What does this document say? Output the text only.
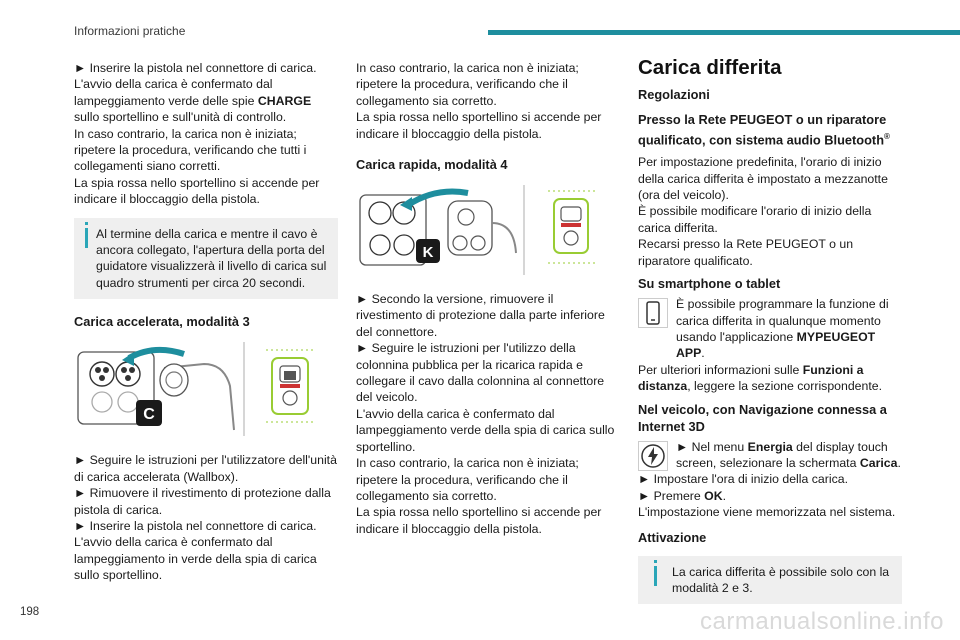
Informazioni pratiche

► Inserire la pistola nel connettore di carica. L'avvio della carica è confermato dal lampeggiamento verde delle spie CHARGE sullo sportellino e sull'unità di controllo.

In caso contrario, la carica non è iniziata; ripetere la procedura, verificando che tutti i collegamenti siano corretti.

La spia rossa nello sportellino si accende per indicare il bloccaggio della pistola.

Al termine della carica e mentre il cavo è ancora collegato, l'apertura della porta del guidatore visualizzerà il livello di carica sul quadro strumenti per circa 20 secondi.

Carica accelerata, modalità 3

C

► Seguire le istruzioni per l'utilizzatore dell'unità di carica accelerata (Wallbox).

► Rimuovere il rivestimento di protezione dalla pistola di carica.

► Inserire la pistola nel connettore di carica.

L'avvio della carica è confermato dal lampeggiamento in verde della spia di carica sullo sportellino.

In caso contrario, la carica non è iniziata; ripetere la procedura, verificando che il collegamento sia corretto.

La spia rossa nello sportellino si accende per indicare il bloccaggio della pistola.

Carica rapida, modalità 4

K

► Secondo la versione, rimuovere il rivestimento di protezione dalla parte inferiore del connettore.

► Seguire le istruzioni per l'utilizzo della colonnina pubblica per la ricarica rapida e collegare il cavo dalla colonnina al connettore del veicolo.

L'avvio della carica è confermato dal lampeggiamento verde della spia di carica sullo sportellino.

In caso contrario, la carica non è iniziata; ripetere la procedura, verificando che il collegamento sia corretto.

La spia rossa nello sportellino si accende per indicare il bloccaggio della pistola.

Carica differita

Regolazioni

Presso la Rete PEUGEOT o un riparatore qualificato, con sistema audio Bluetooth®

Per impostazione predefinita, l'orario di inizio della carica differita è impostato a mezzanotte (ora del veicolo).

È possibile modificare l'orario di inizio della carica differita.

Recarsi presso la Rete PEUGEOT o un riparatore qualificato.

Su smartphone o tablet

È possibile programmare la funzione di carica differita in qualunque momento usando l'applicazione MYPEUGEOT APP.

Per ulteriori informazioni sulle Funzioni a distanza, leggere la sezione corrispondente.

Nel veicolo, con Navigazione connessa a Internet 3D

► Nel menu Energia del display touch screen, selezionare la schermata Carica.

► Impostare l'ora di inizio della carica.

► Premere OK.

L'impostazione viene memorizzata nel sistema.

Attivazione

La carica differita è possibile solo con la modalità 2 e 3.

198	carmanualsonline.info
